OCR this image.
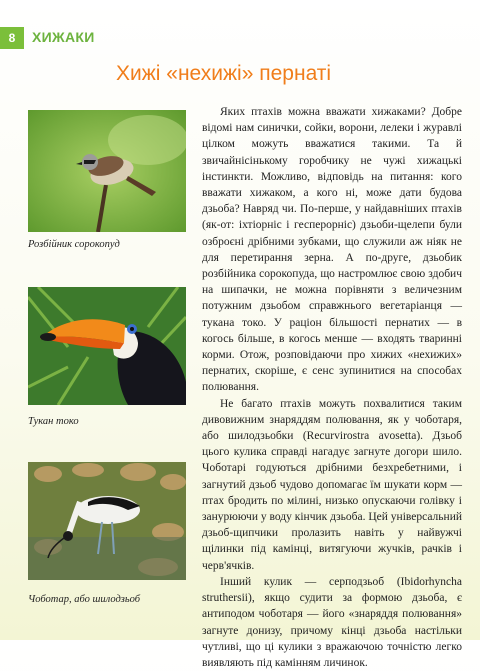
8	ХИЖАКИ
Хижі «нехижі» пернаті
Розбійник сорокопуд
Тукан токо
Чоботар, або шилодзьоб

Яких птахів можна вважати хижаками? Добре відомі нам синички, сойки, ворони, лелеки і журавлі цілком можуть вважатися такими. Та й звичайнісінькому горобчику не чужі хижацькі інстинкти. Можливо, відповідь на питання: кого вважати хижаком, а кого ні, може дати будова дзьоба? Навряд чи. По-перше, у найдавніших птахів (як-от: іхтіорніс і гесперорніс) дзьоби-щелепи були озброєні дрібними зубками, що служили аж ніяк не для перетирання зерна. А по-друге, дзьобик розбійника сорокопуда, що настромлює свою здобич на шипачки, не можна порівняти з величезним потужним дзьобом справжнього вегетаріанця — тукана токо. У раціон більшості пернатих — в когось більше, в когось менше — входять тваринні корми. Отож, розповідаючи про хижих «нехижих» пернатих, скоріше, є сенс зупинитися на способах полювання.

Не багато птахів можуть похвалитися таким дивовижним знаряддям полювання, як у чоботаря, або шилодзьобки (Recurvirostra avosetta). Дзьоб цього кулика справді нагадує загнуте догори шило. Чоботарі годуються дрібними безхребетними, і загнутий дзьоб чудово допомагає їм шукати корм — птах бродить по мілині, низько опускаючи голівку і занурюючи у воду кінчик дзьоба. Цей універсальний дзьоб-щипчики пролазить навіть у найвужчі щілинки під камінці, витягуючи жучків, рачків і черв'ячків.

Інший кулик — серподзьоб (Ibidorhyncha struthersii), якщо судити за формою дзьоба, є антиподом чоботаря — його «знаряддя полювання» загнуте донизу, причому кінці дзьоба настільки чутливі, що ці кулики з вражаючою точністю легко виявляють під камінням личинок.
